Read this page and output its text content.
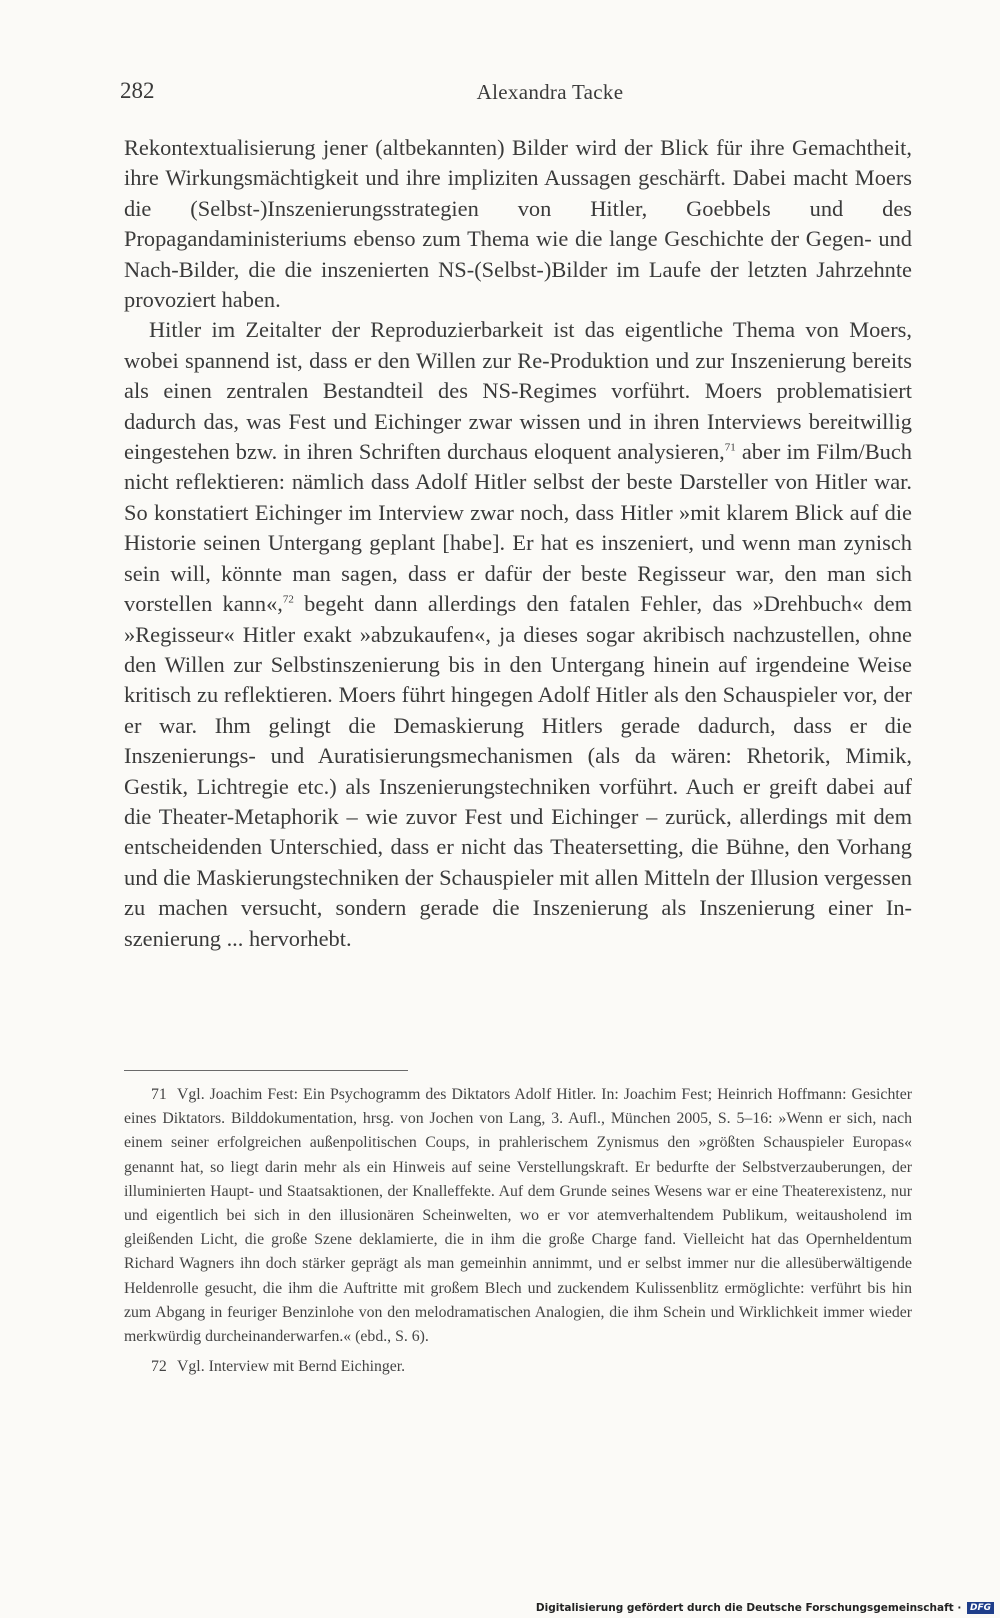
282	Alexandra Tacke

Rekontextualisierung jener (altbekannten) Bilder wird der Blick für ihre Gemachtheit, ihre Wirkungsmächtigkeit und ihre impliziten Aussagen geschärft. Dabei macht Moers die (Selbst-)Inszenierungsstrategien von Hitler, Goebbels und des Propagandaministeriums ebenso zum Thema wie die lange Geschichte der Gegen- und Nach-Bilder, die die inszenierten NS-(Selbst-)Bilder im Laufe der letzten Jahrzehnte provoziert haben.

Hitler im Zeitalter der Reproduzierbarkeit ist das eigentliche Thema von Moers, wobei spannend ist, dass er den Willen zur Re-Produktion und zur Inszenierung bereits als einen zentralen Bestandteil des NS-Regimes vorführt. Moers problematisiert dadurch das, was Fest und Eichinger zwar wissen und in ihren Interviews bereitwillig eingestehen bzw. in ihren Schriften durchaus eloquent analysieren,$^{71}$ aber im Film/Buch nicht reflektieren: nämlich dass Adolf Hitler selbst der beste Darsteller von Hitler war. So konstatiert Eichinger im Interview zwar noch, dass Hitler »mit klarem Blick auf die Historie seinen Untergang geplant [habe]. Er hat es inszeniert, und wenn man zynisch sein will, könnte man sagen, dass er dafür der beste Regisseur war, den man sich vorstellen kann«,$^{72}$ begeht dann allerdings den fatalen Fehler, das »Drehbuch« dem »Regisseur« Hitler exakt »abzukaufen«, ja dieses sogar akribisch nachzustellen, ohne den Willen zur Selbstinszenierung bis in den Untergang hinein auf irgendeine Weise kritisch zu reflektieren. Moers führt hingegen Adolf Hitler als den Schauspieler vor, der er war. Ihm gelingt die Demaskierung Hitlers gerade dadurch, dass er die Inszenierungs- und Auratisierungsmechanismen (als da wären: Rhetorik, Mimik, Gestik, Lichtregie etc.) als Inszenierungstechniken vorführt. Auch er greift dabei auf die Theater-Metaphorik – wie zuvor Fest und Eichinger – zurück, allerdings mit dem entscheidenden Unterschied, dass er nicht das Theatersetting, die Bühne, den Vorhang und die Maskierungstechniken der Schauspieler mit allen Mitteln der Illusion vergessen zu machen versucht, sondern gerade die Inszenierung als Inszenierung einer Inszenierung ... hervorhebt.

71 Vgl. Joachim Fest: Ein Psychogramm des Diktators Adolf Hitler. In: Joachim Fest; Heinrich Hoffmann: Gesichter eines Diktators. Bilddokumentation, hrsg. von Jochen von Lang, 3. Aufl., München 2005, S. 5–16: »Wenn er sich, nach einem seiner erfolgreichen außenpolitischen Coups, in prahlerischem Zynismus den »größten Schauspieler Europas« genannt hat, so liegt darin mehr als ein Hinweis auf seine Verstellungskraft. Er bedurfte der Selbstverzauberungen, der illuminierten Haupt- und Staatsaktionen, der Knalleffekte. Auf dem Grunde seines Wesens war er eine Theaterexistenz, nur und eigentlich bei sich in den illusionären Scheinwelten, wo er vor atemverhaltendem Publikum, weitausholend im gleißenden Licht, die große Szene deklamierte, die in ihm die große Charge fand. Vielleicht hat das Opernheldentum Richard Wagners ihn doch stärker geprägt als man gemeinhin annimmt, und er selbst immer nur die allesüberwältigende Heldenrolle gesucht, die ihm die Auftritte mit großem Blech und zuckendem Kulissenblitz ermöglichte: verführt bis hin zum Abgang in feuriger Benzinlohe von den melodramatischen Analogien, die ihm Schein und Wirklichkeit immer wieder merkwürdig durcheinanderwarfen.« (ebd., S. 6).

72 Vgl. Interview mit Bernd Eichinger.

Digitalisierung gefördert durch die Deutsche Forschungsgemeinschaft · DFG
